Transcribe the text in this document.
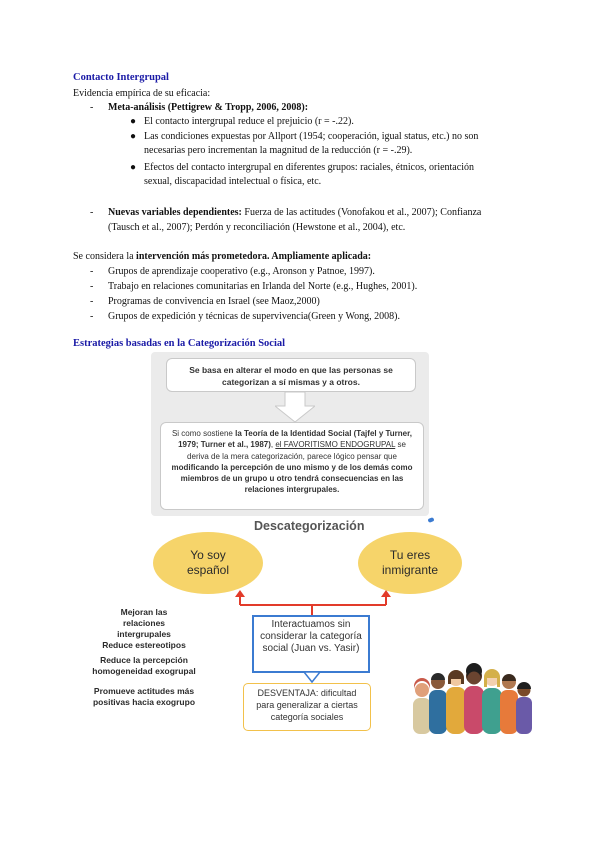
Contacto Intergrupal
Evidencia empírica de su eficacia:
- Meta-análisis (Pettigrew & Tropp, 2006, 2008):
● El contacto intergrupal reduce el prejuicio (r = -.22).
● Las condiciones expuestas por Allport (1954; cooperación, igual status, etc.) no son
necesarias pero incrementan la magnitud de la reducción (r = -.29).
● Efectos del contacto intergrupal en diferentes grupos: raciales, étnicos, orientación
sexual, discapacidad intelectual o física, etc.
- Nuevas variables dependientes: Fuerza de las actitudes (Vonofakou et al., 2007); Confianza
(Tausch et al., 2007); Perdón y reconciliación (Hewstone et al., 2004), etc.
Se considera la intervención más prometedora. Ampliamente aplicada:
- Grupos de aprendizaje cooperativo (e.g., Aronson y Patnoe, 1997).
- Trabajo en relaciones comunitarias en Irlanda del Norte (e.g., Hughes, 2001).
- Programas de convivencia en Israel (see Maoz,2000)
- Grupos de expedición y técnicas de supervivencia(Green y Wong, 2008).
Estrategias basadas en la Categorización Social
Se basa en alterar el modo en que las personas se categorizan a sí mismas y a otros.
Si como sostiene la Teoría de la Identidad Social (Tajfel y Turner, 1979; Turner et al., 1987), el FAVORITISMO ENDOGRUPAL se deriva de la mera categorización, parece lógico pensar que modificando la percepción de uno mismo y de los demás como miembros de un grupo u otro tendrá consecuencias en las relaciones intergrupales.
Descategorización
Yo soy español
Tu eres inmigrante
Interactuamos sin considerar la categoría social (Juan vs. Yasir)
DESVENTAJA: dificultad para generalizar a ciertas categoría sociales
Mejoran las relaciones intergrupales
Reduce estereotipos
Reduce la percepción homogeneidad exogrupal
Promueve actitudes más positivas hacia exogrupo
